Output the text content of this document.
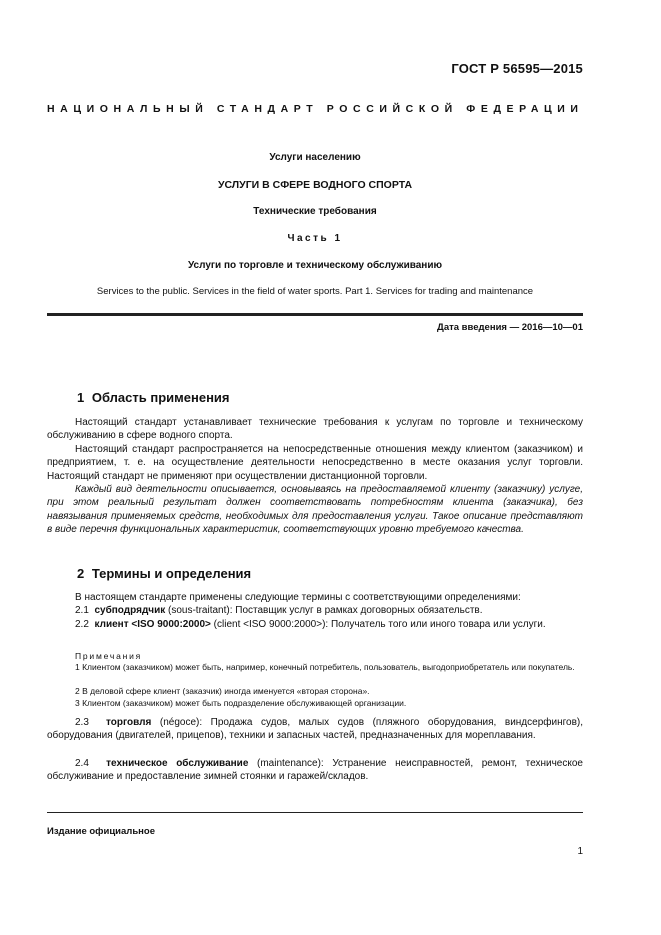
ГОСТ Р 56595—2015
НАЦИОНАЛЬНЫЙ СТАНДАРТ РОССИЙСКОЙ ФЕДЕРАЦИИ
Услуги населению
УСЛУГИ В СФЕРЕ ВОДНОГО СПОРТА
Технические требования
Часть 1
Услуги по торговле и техническому обслуживанию
Services to the public. Services in the field of water sports. Part 1. Services for trading and maintenance
Дата введения — 2016—10—01
1 Область применения

Настоящий стандарт устанавливает технические требования к услугам по торговле и техническому обслуживанию в сфере водного спорта.

Настоящий стандарт распространяется на непосредственные отношения между клиентом (заказчиком) и предприятием, т. е. на осуществление деятельности непосредственно в месте оказания услуг торговли. Настоящий стандарт не применяют при осуществлении дистанционной торговли.

Каждый вид деятельности описывается, основываясь на предоставляемой клиенту (заказчику) услуге, при этом реальный результат должен соответствовать потребностям клиента (заказчика), без навязывания применяемых средств, необходимых для предоставления услуги. Такое описание представляют в виде перечня функциональных характеристик, соответствующих уровню требуемого качества.

2 Термины и определения

В настоящем стандарте применены следующие термины с соответствующими определениями:

2.1 субподрядчик (sous-traitant): Поставщик услуг в рамках договорных обязательств.

2.2 клиент <ISO 9000:2000> (client <ISO 9000:2000>): Получатель того или иного товара или услуги.

Примечания

1 Клиентом (заказчиком) может быть, например, конечный потребитель, пользователь, выгодоприобретатель или покупатель.

2 В деловой сфере клиент (заказчик) иногда именуется «вторая сторона».

3 Клиентом (заказчиком) может быть подразделение обслуживающей организации.

2.3 торговля (négoce): Продажа судов, малых судов (пляжного оборудования, виндсерфингов), оборудования (двигателей, прицепов), техники и запасных частей, предназначенных для мореплавания.

2.4 техническое обслуживание (maintenance): Устранение неисправностей, ремонт, техническое обслуживание и предоставление зимней стоянки и гаражей/складов.

Издание официальное
1
